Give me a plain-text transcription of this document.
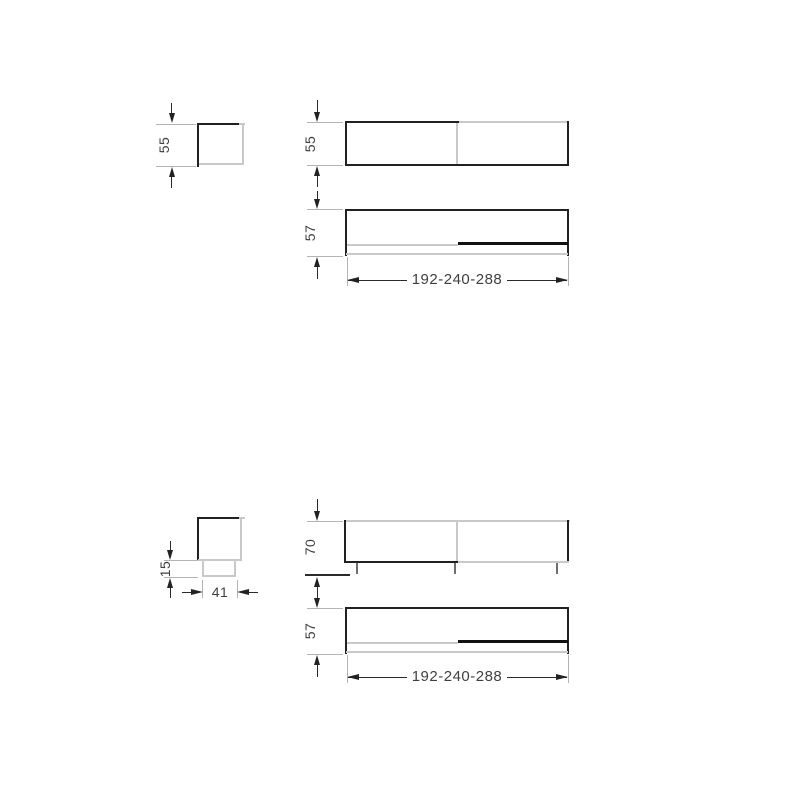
55	55
57
192-240-288
15
41
70
57
192-240-288
